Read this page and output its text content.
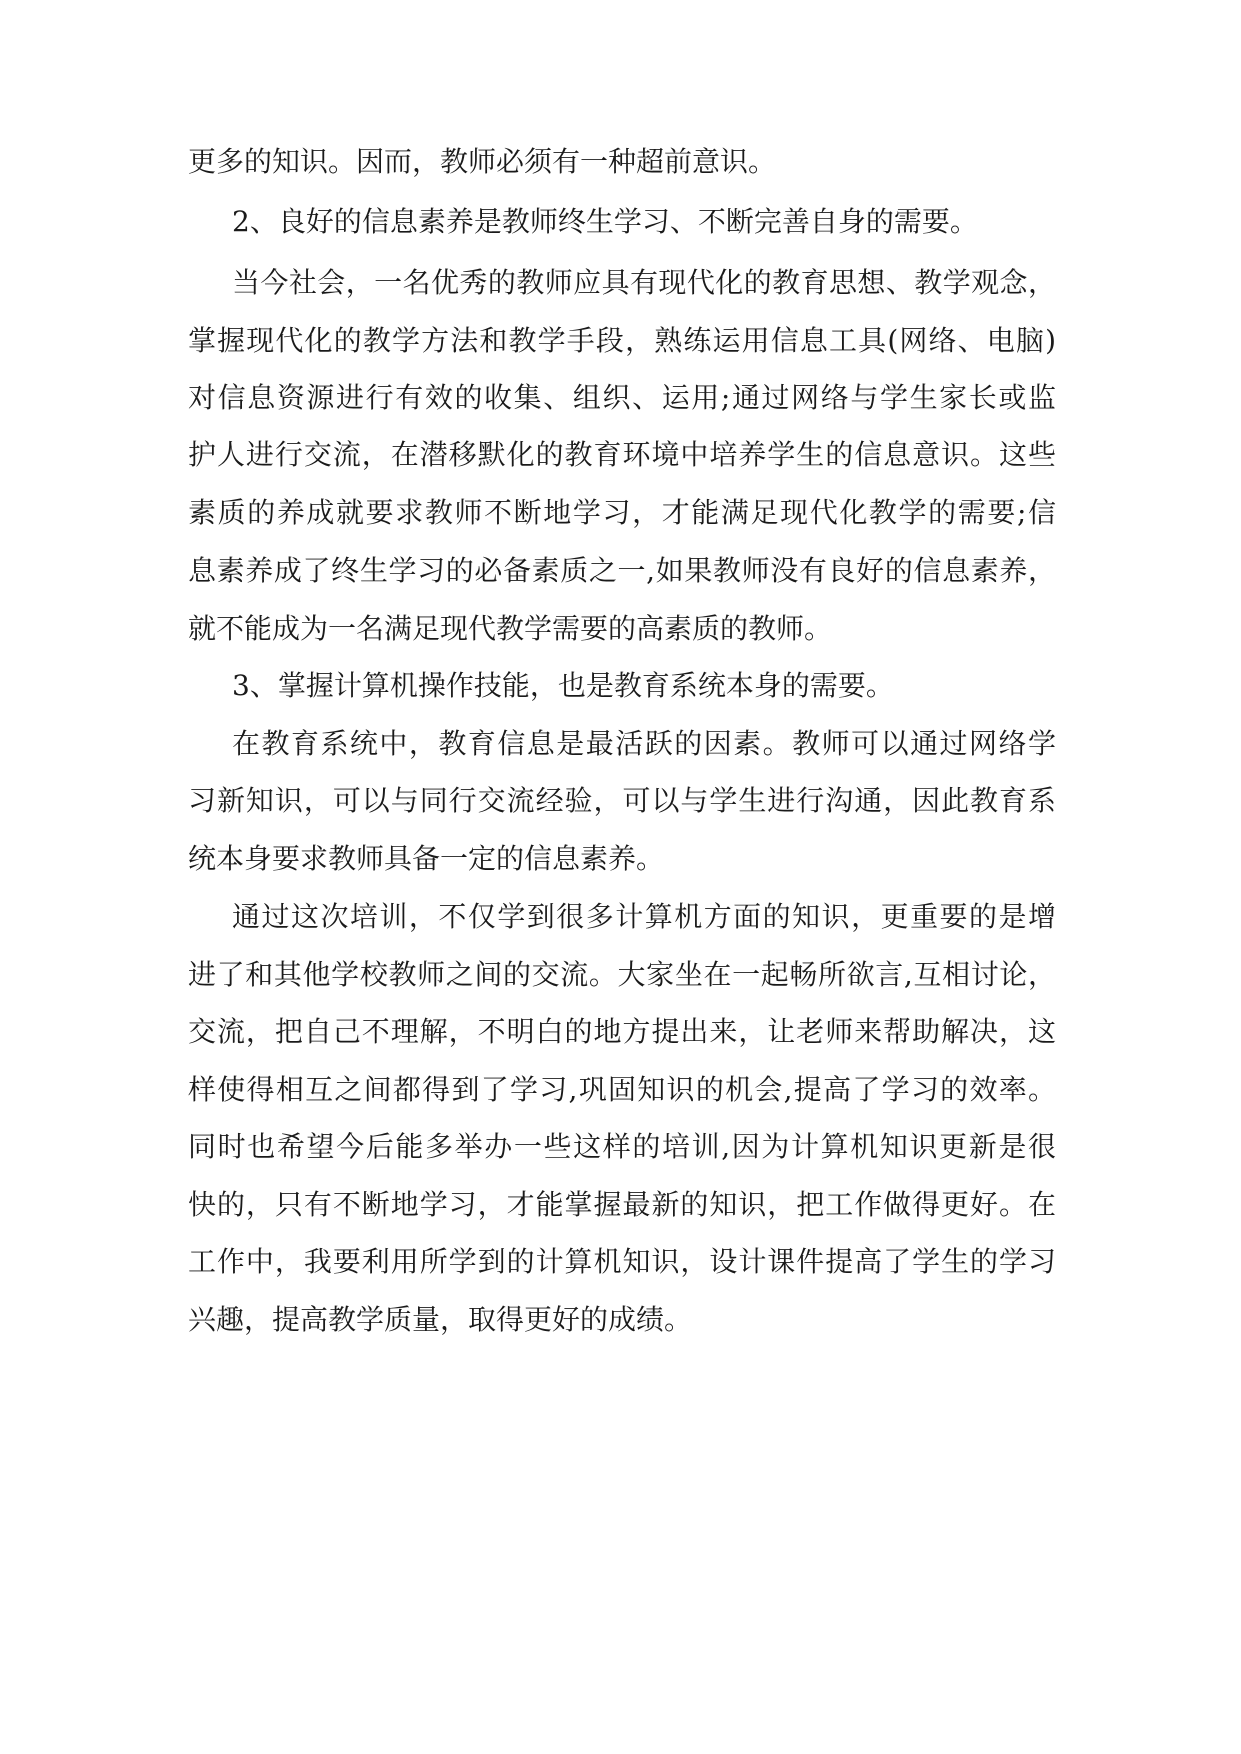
更多的知识。因而，教师必须有一种超前意识。
2、良好的信息素养是教师终生学习、不断完善自身的需要。
当今社会，一名优秀的教师应具有现代化的教育思想、教学观念，
掌握现代化的教学方法和教学手段，熟练运用信息工具(网络、电脑)
对信息资源进行有效的收集、组织、运用;通过网络与学生家长或监
护人进行交流，在潜移默化的教育环境中培养学生的信息意识。这些
素质的养成就要求教师不断地学习，才能满足现代化教学的需要;信
息素养成了终生学习的必备素质之一,如果教师没有良好的信息素养，
就不能成为一名满足现代教学需要的高素质的教师。
3、掌握计算机操作技能，也是教育系统本身的需要。
在教育系统中，教育信息是最活跃的因素。教师可以通过网络学
习新知识，可以与同行交流经验，可以与学生进行沟通，因此教育系
统本身要求教师具备一定的信息素养。
通过这次培训，不仅学到很多计算机方面的知识，更重要的是增
进了和其他学校教师之间的交流。大家坐在一起畅所欲言,互相讨论，
交流，把自己不理解，不明白的地方提出来，让老师来帮助解决，这
样使得相互之间都得到了学习,巩固知识的机会,提高了学习的效率。
同时也希望今后能多举办一些这样的培训,因为计算机知识更新是很
快的，只有不断地学习，才能掌握最新的知识，把工作做得更好。在
工作中，我要利用所学到的计算机知识，设计课件提高了学生的学习
兴趣，提高教学质量，取得更好的成绩。
